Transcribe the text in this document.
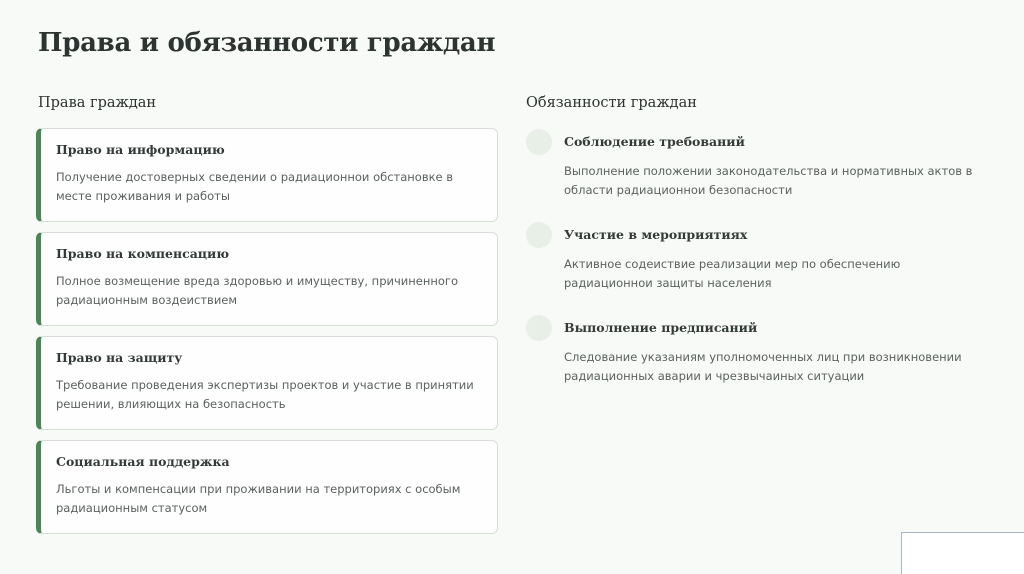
Права и обязанности граждан
Права граждан	Обязанности граждан
Право на информацию
Получение достоверных сведении о радиационнои обстановке в месте проживания и работы
Право на компенсацию
Полное возмещение вреда здоровью и имуществу, причиненного радиационным воздеиствием
Право на защиту
Требование проведения экспертизы проектов и участие в принятии решении, влияющих на безопасность
Социальная поддержка
Льготы и компенсации при проживании на территориях с особым радиационным статусом
Соблюдение требований
Выполнение положении законодательства и нормативных актов в области радиационнои безопасности
Участие в мероприятиях
Активное содеиствие реализации мер по обеспечению радиационнои защиты населения
Выполнение предписаний
Следование указаниям уполномоченных лиц при возникновении радиационных аварии и чрезвычаиных ситуации
